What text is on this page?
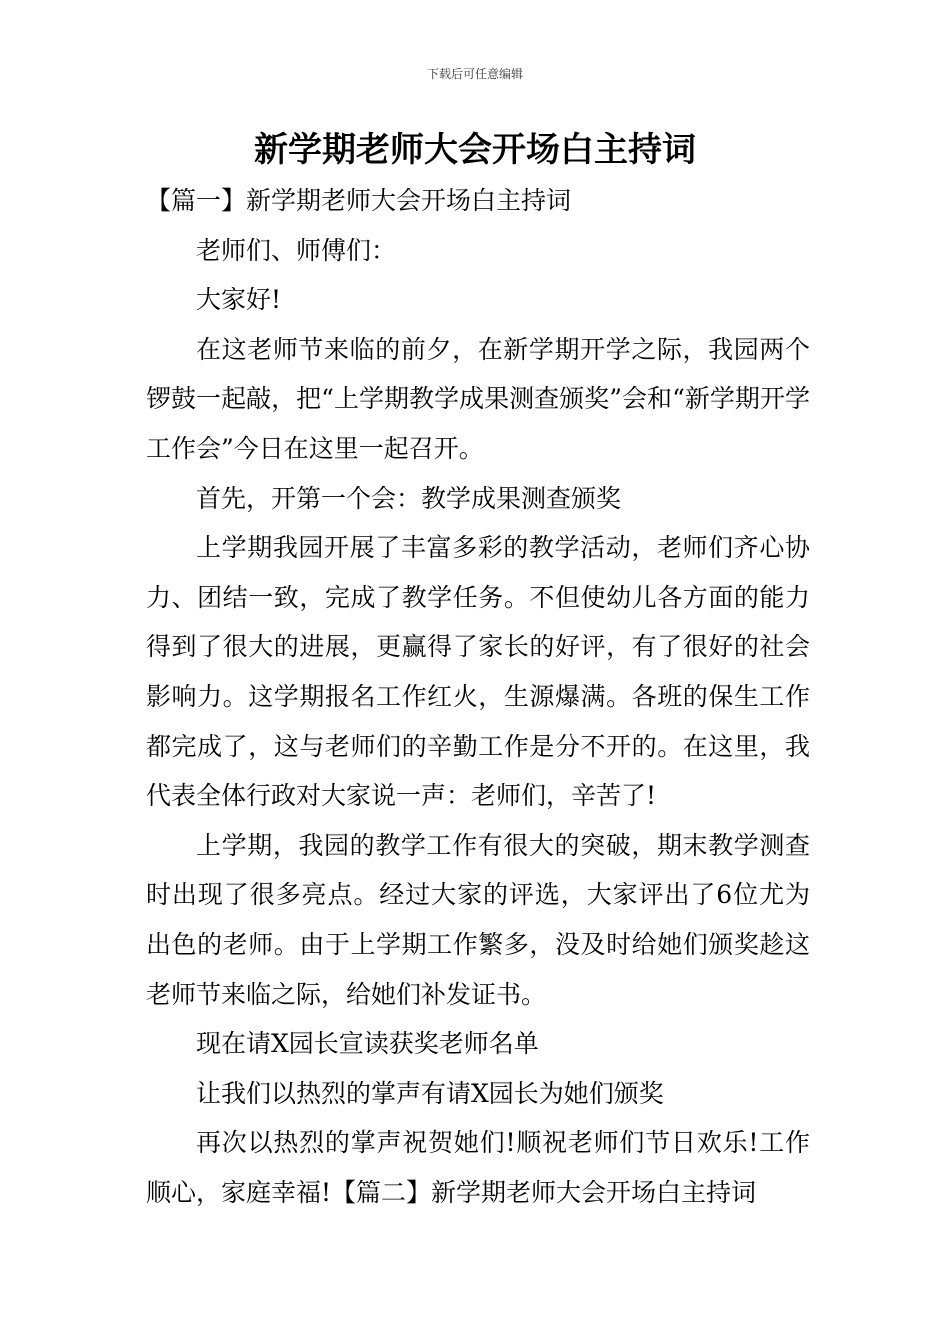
下载后可任意编辑
新学期老师大会开场白主持词

【篇一】新学期老师大会开场白主持词

老师们、师傅们：

大家好!

在这老师节来临的前夕，在新学期开学之际，我园两个锣鼓一起敲，把“上学期教学成果测查颁奖”会和“新学期开学工作会”今日在这里一起召开。

首先，开第一个会：教学成果测查颁奖

上学期我园开展了丰富多彩的教学活动，老师们齐心协力、团结一致，完成了教学任务。不但使幼儿各方面的能力得到了很大的进展，更赢得了家长的好评，有了很好的社会影响力。这学期报名工作红火，生源爆满。各班的保生工作都完成了，这与老师们的辛勤工作是分不开的。在这里，我代表全体行政对大家说一声：老师们，辛苦了!

上学期，我园的教学工作有很大的突破，期末教学测查时出现了很多亮点。经过大家的评选，大家评出了6位尤为出色的老师。由于上学期工作繁多，没及时给她们颁奖趁这老师节来临之际，给她们补发证书。

现在请X园长宣读获奖老师名单

让我们以热烈的掌声有请X园长为她们颁奖

再次以热烈的掌声祝贺她们!顺祝老师们节日欢乐!工作顺心，家庭幸福!【篇二】新学期老师大会开场白主持词
